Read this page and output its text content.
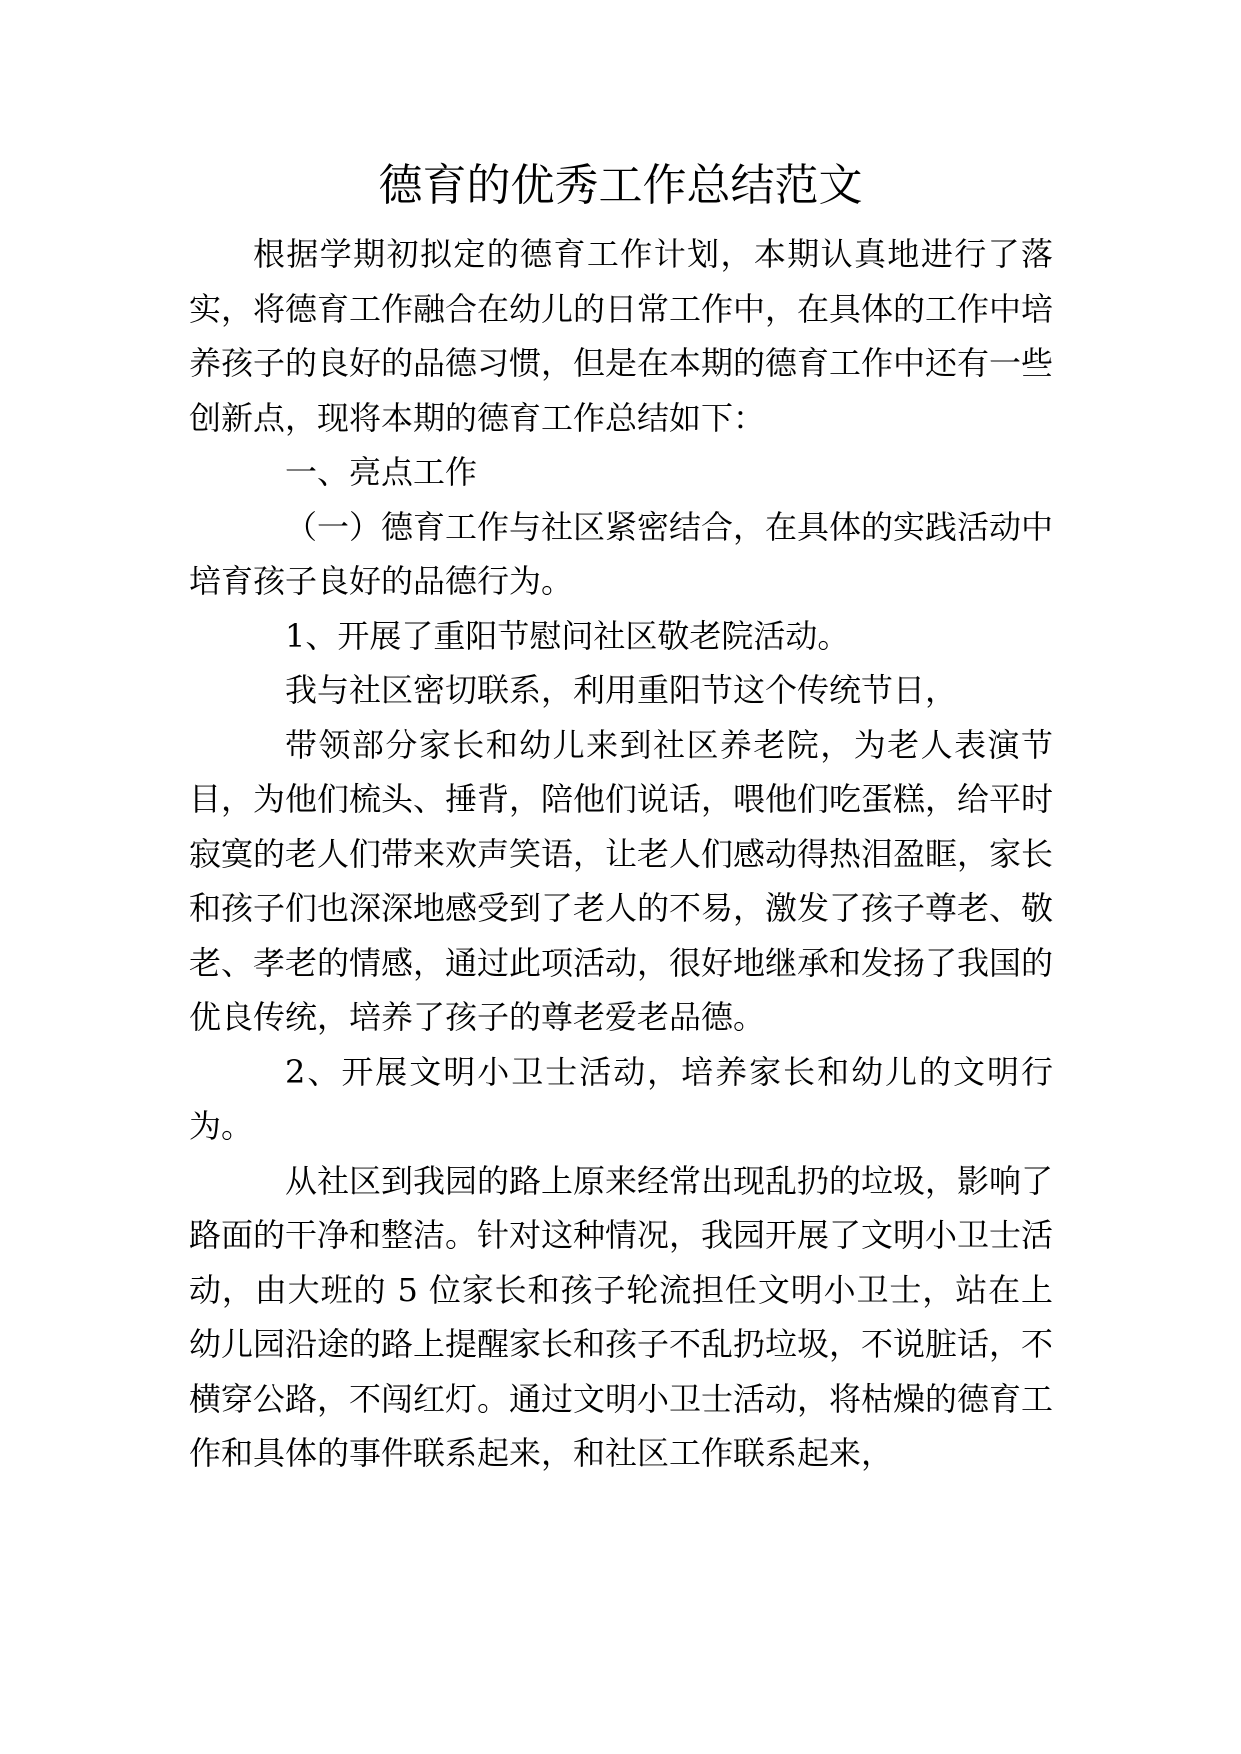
德育的优秀工作总结范文

根据学期初拟定的德育工作计划，本期认真地进行了落实，将德育工作融合在幼儿的日常工作中，在具体的工作中培养孩子的良好的品德习惯，但是在本期的德育工作中还有一些创新点，现将本期的德育工作总结如下：

一、亮点工作

（一）德育工作与社区紧密结合，在具体的实践活动中培育孩子良好的品德行为。

1、开展了重阳节慰问社区敬老院活动。

我与社区密切联系，利用重阳节这个传统节日，

带领部分家长和幼儿来到社区养老院，为老人表演节目，为他们梳头、捶背，陪他们说话，喂他们吃蛋糕，给平时寂寞的老人们带来欢声笑语，让老人们感动得热泪盈眶，家长和孩子们也深深地感受到了老人的不易，激发了孩子尊老、敬老、孝老的情感，通过此项活动，很好地继承和发扬了我国的优良传统，培养了孩子的尊老爱老品德。

2、开展文明小卫士活动，培养家长和幼儿的文明行为。

从社区到我园的路上原来经常出现乱扔的垃圾，影响了路面的干净和整洁。针对这种情况，我园开展了文明小卫士活动，由大班的 5 位家长和孩子轮流担任文明小卫士，站在上幼儿园沿途的路上提醒家长和孩子不乱扔垃圾，不说脏话，不横穿公路，不闯红灯。通过文明小卫士活动，将枯燥的德育工作和具体的事件联系起来，和社区工作联系起来，
